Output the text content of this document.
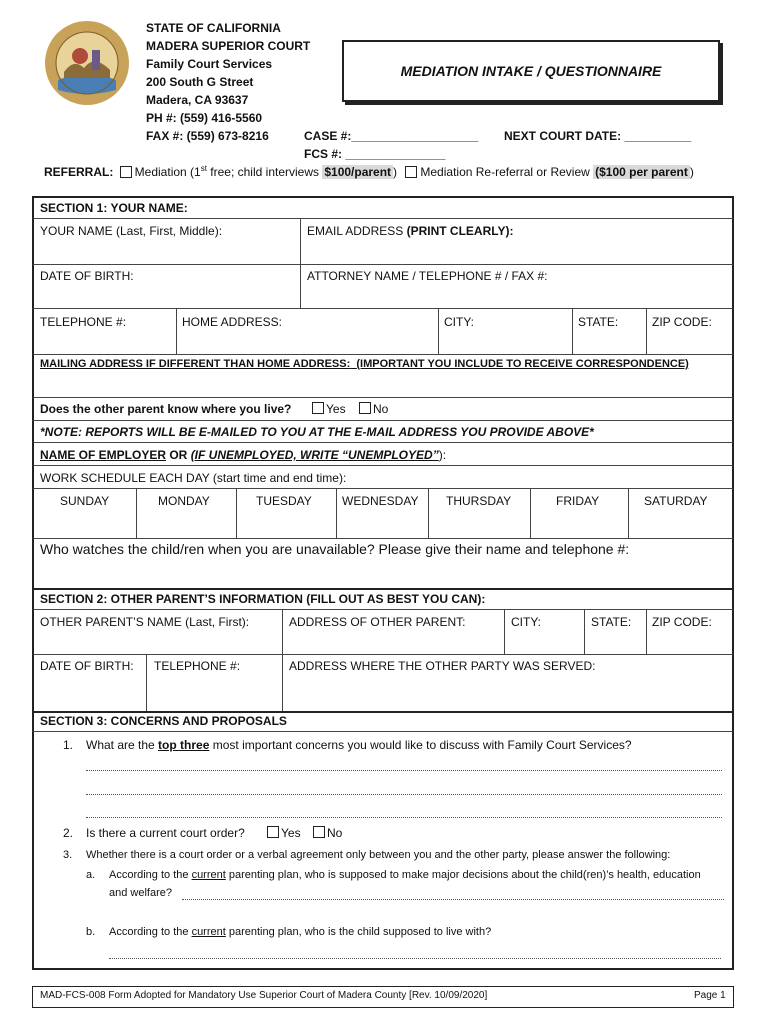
STATE OF CALIFORNIA
MADERA SUPERIOR COURT
Family Court Services
200 South G Street
Madera, CA 93637
PH #: (559) 416-5560
FAX #: (559) 673-8216
MEDIATION INTAKE / QUESTIONNAIRE
CASE #:___________________ NEXT COURT DATE: __________
FCS #: _______________
REFERRAL: Mediation (1st free; child interviews $100/parent ) Mediation Re-referral or Review ($100 per parent )
SECTION 1: YOUR NAME:
YOUR NAME (Last, First, Middle):	EMAIL ADDRESS (PRINT CLEARLY):
DATE OF BIRTH:	ATTORNEY NAME / TELEPHONE # / FAX #:
TELEPHONE #:	HOME ADDRESS:	CITY:	STATE:	ZIP CODE:
MAILING ADDRESS IF DIFFERENT THAN HOME ADDRESS: (IMPORTANT YOU INCLUDE TO RECEIVE CORRESPONDENCE)
Does the other parent know where you live?	Yes No
*NOTE: REPORTS WILL BE E-MAILED TO YOU AT THE E-MAIL ADDRESS YOU PROVIDE ABOVE*
NAME OF EMPLOYER OR (IF UNEMPLOYED, WRITE “UNEMPLOYED”):
WORK SCHEDULE EACH DAY (start time and end time):
SUNDAY	MONDAY	TUESDAY	WEDNESDAY THURSDAY	FRIDAY	SATURDAY
Who watches the child/ren when you are unavailable? Please give their name and telephone #:
SECTION 2: OTHER PARENT’S INFORMATION (FILL OUT AS BEST YOU CAN):
OTHER PARENT’S NAME (Last, First):	ADDRESS OF OTHER PARENT:	CITY:	STATE: ZIP CODE:
DATE OF BIRTH: TELEPHONE #:	ADDRESS WHERE THE OTHER PARTY WAS SERVED:
SECTION 3: CONCERNS AND PROPOSALS
1. What are the top three most important concerns you would like to discuss with Family Court Services?
2. Is there a current court order?	Yes No
3. Whether there is a court order or a verbal agreement only between you and the other party, please answer the following:
a. According to the current parenting plan, who is supposed to make major decisions about the child(ren)’s health, education
and welfare?
b. According to the current parenting plan, who is the child supposed to live with?
MAD-FCS-008 Form Adopted for Mandatory Use Superior Court of Madera County [Rev. 10/09/2020]	Page 1
